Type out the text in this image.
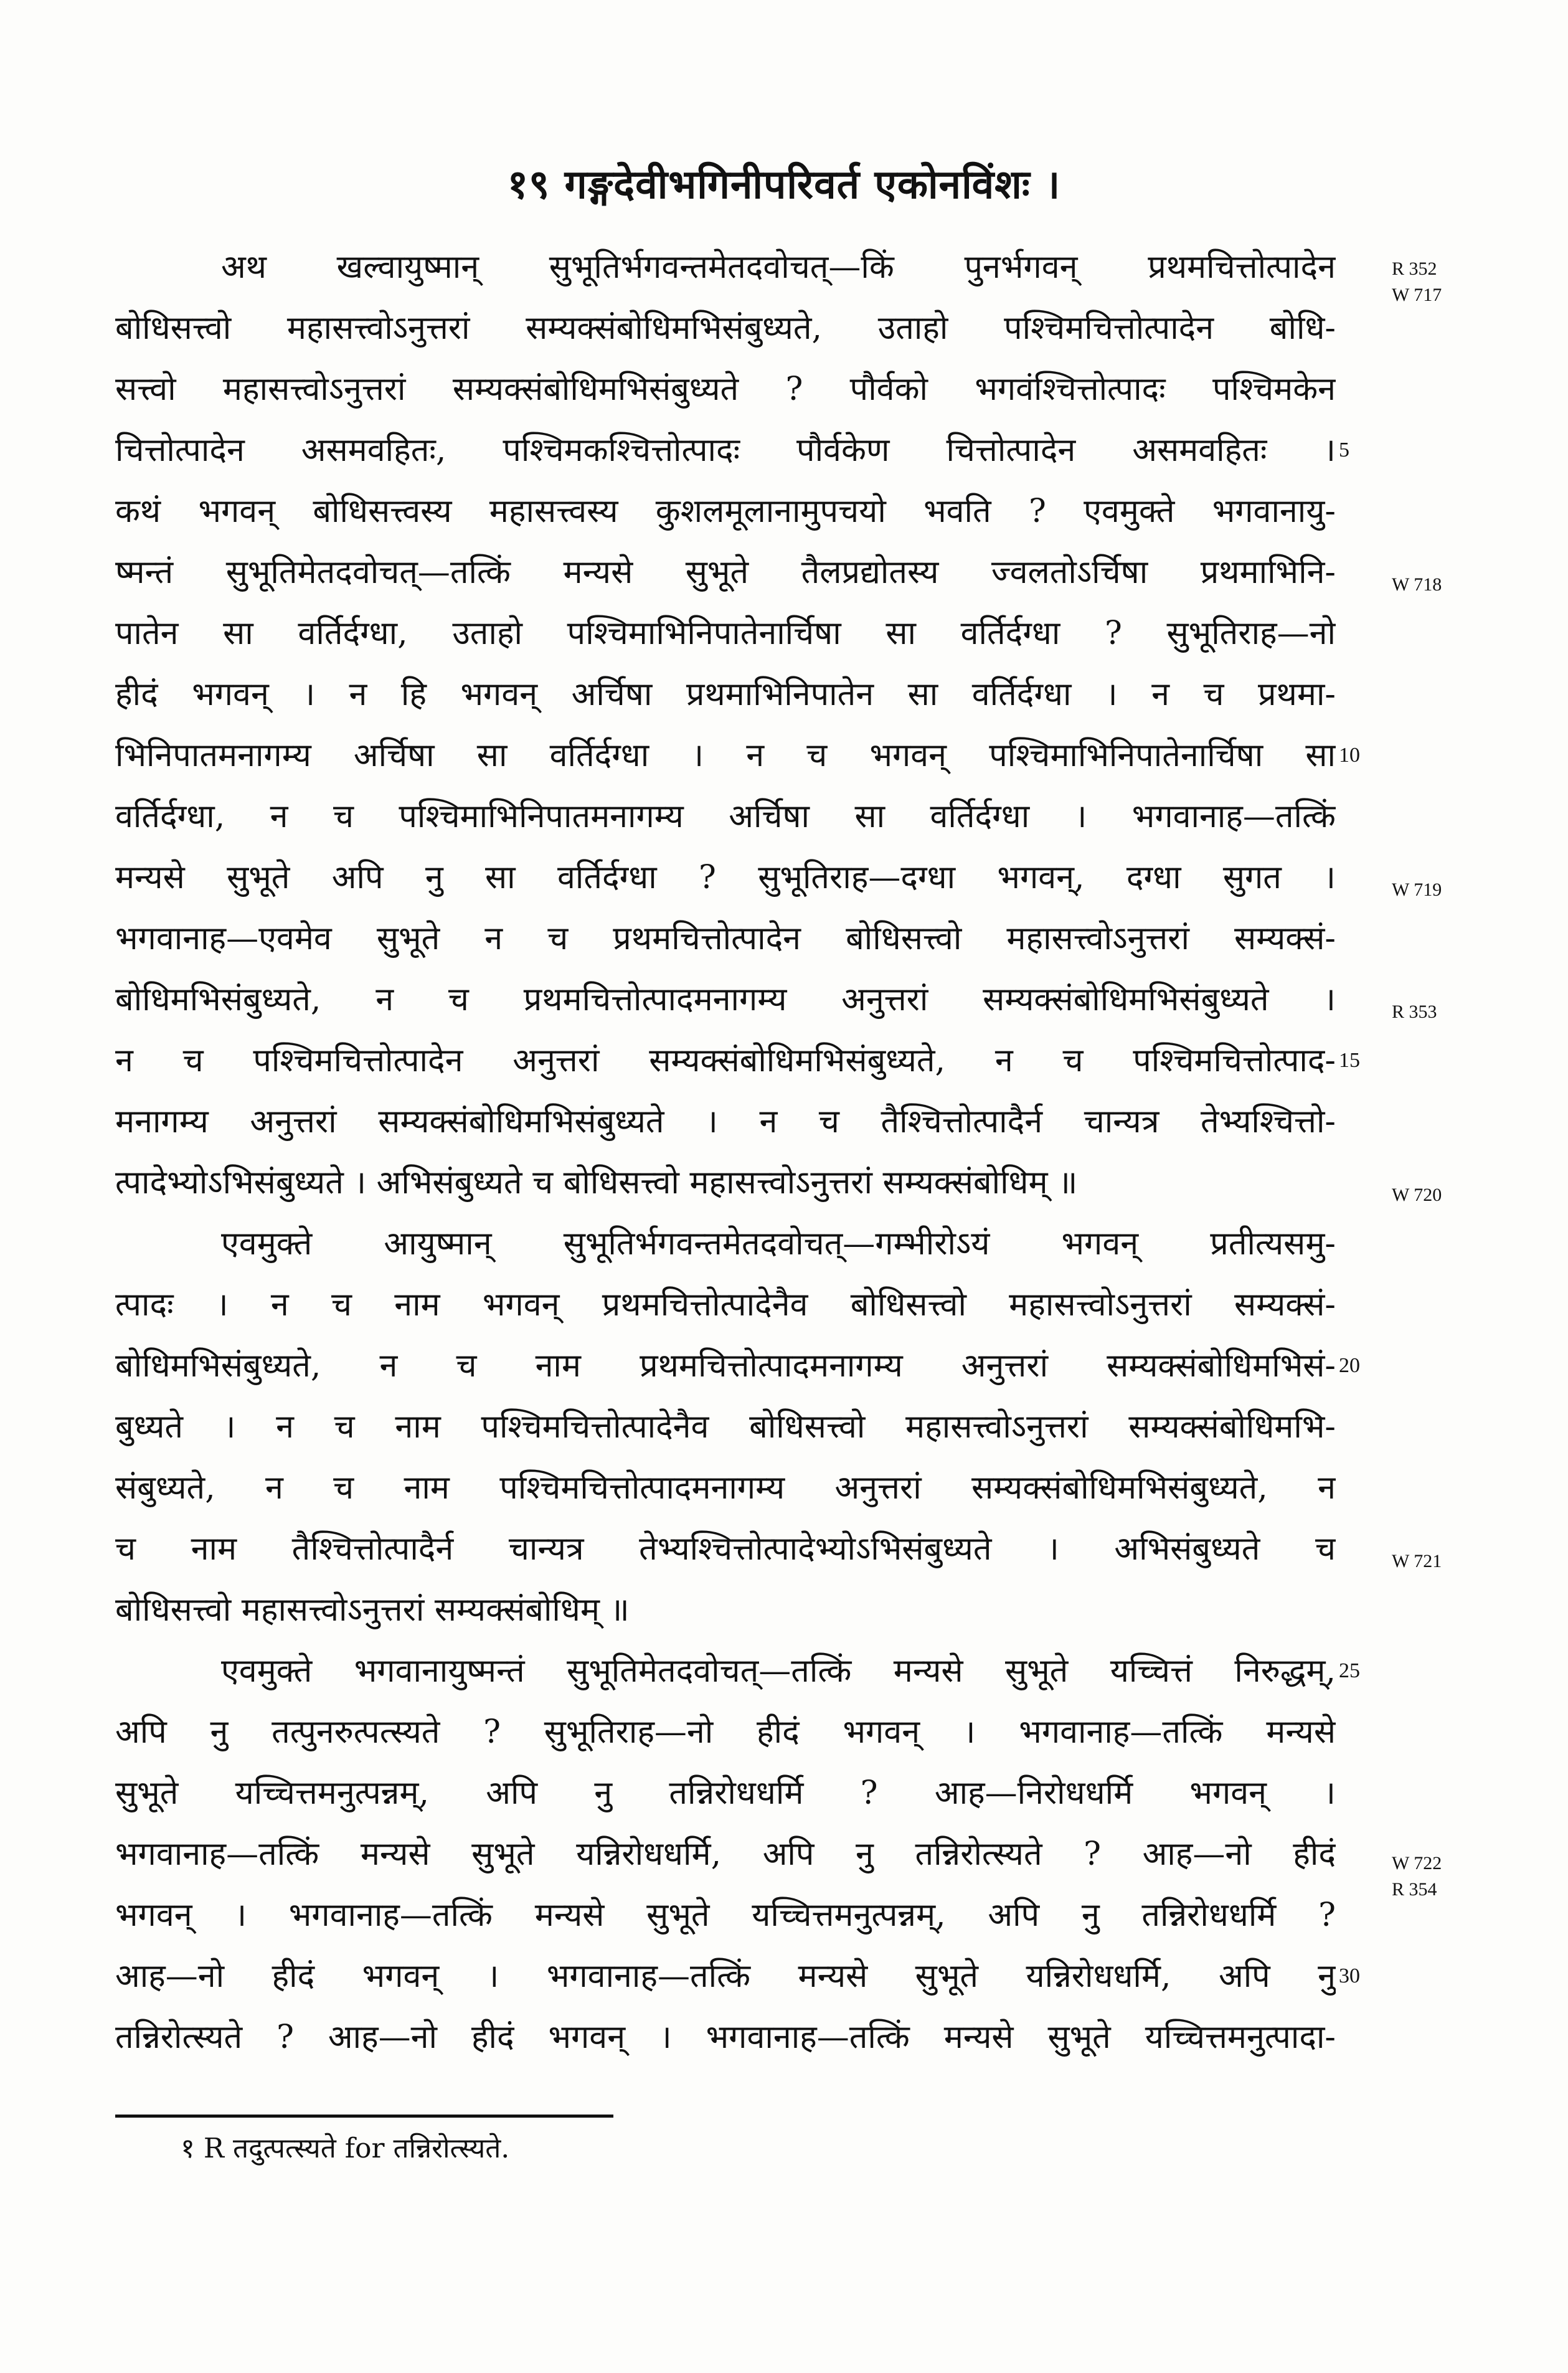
१९ गङ्गदेवीभगिनीपरिवर्त एकोनविंशः ।
अथ खल्वायुष्मान् सुभूतिर्भगवन्तमेतदवोचत्—किं पुनर्भगवन् प्रथमचित्तोत्पादेन
बोधिसत्त्वो महासत्त्वोऽनुत्तरां सम्यक्संबोधिमभिसंबुध्यते, उताहो पश्चिमचित्तोत्पादेन बोधि-
सत्त्वो महासत्त्वोऽनुत्तरां सम्यक्संबोधिमभिसंबुध्यते ? पौर्वको भगवंश्चित्तोत्पादः पश्चिमकेन
चित्तोत्पादेन असमवहितः, पश्चिमकश्चित्तोत्पादः पौर्वकेण चित्तोत्पादेन असमवहितः ।
कथं भगवन् बोधिसत्त्वस्य महासत्त्वस्य कुशलमूलानामुपचयो भवति ? एवमुक्ते भगवानायु-
ष्मन्तं सुभूतिमेतदवोचत्—तत्किं मन्यसे सुभूते तैलप्रद्योतस्य ज्वलतोऽर्चिषा प्रथमाभिनि-
पातेन सा वर्तिर्दग्धा, उताहो पश्चिमाभिनिपातेनार्चिषा सा वर्तिर्दग्धा ? सुभूतिराह—नो
हीदं भगवन् । न हि भगवन् अर्चिषा प्रथमाभिनिपातेन सा वर्तिर्दग्धा । न च प्रथमा-
भिनिपातमनागम्य अर्चिषा सा वर्तिर्दग्धा । न च भगवन् पश्चिमाभिनिपातेनार्चिषा सा
वर्तिर्दग्धा, न च पश्चिमाभिनिपातमनागम्य अर्चिषा सा वर्तिर्दग्धा । भगवानाह—तत्किं
मन्यसे सुभूते अपि नु सा वर्तिर्दग्धा ? सुभूतिराह—दग्धा भगवन्, दग्धा सुगत ।
भगवानाह—एवमेव सुभूते न च प्रथमचित्तोत्पादेन बोधिसत्त्वो महासत्त्वोऽनुत्तरां सम्यक्सं-
बोधिमभिसंबुध्यते, न च प्रथमचित्तोत्पादमनागम्य अनुत्तरां सम्यक्संबोधिमभिसंबुध्यते ।
न च पश्चिमचित्तोत्पादेन अनुत्तरां सम्यक्संबोधिमभिसंबुध्यते, न च पश्चिमचित्तोत्पाद-
मनागम्य अनुत्तरां सम्यक्संबोधिमभिसंबुध्यते । न च तैश्चित्तोत्पादैर्न चान्यत्र तेभ्यश्चित्तो-
त्पादेभ्योऽभिसंबुध्यते । अभिसंबुध्यते च बोधिसत्त्वो महासत्त्वोऽनुत्तरां सम्यक्संबोधिम् ॥
एवमुक्ते आयुष्मान् सुभूतिर्भगवन्तमेतदवोचत्—गम्भीरोऽयं भगवन् प्रतीत्यसमु-
त्पादः । न च नाम भगवन् प्रथमचित्तोत्पादेनैव बोधिसत्त्वो महासत्त्वोऽनुत्तरां सम्यक्सं-
बोधिमभिसंबुध्यते, न च नाम प्रथमचित्तोत्पादमनागम्य अनुत्तरां सम्यक्संबोधिमभिसं-
बुध्यते । न च नाम पश्चिमचित्तोत्पादेनैव बोधिसत्त्वो महासत्त्वोऽनुत्तरां सम्यक्संबोधिमभि-
संबुध्यते, न च नाम पश्चिमचित्तोत्पादमनागम्य अनुत्तरां सम्यक्संबोधिमभिसंबुध्यते, न
च नाम तैश्चित्तोत्पादैर्न चान्यत्र तेभ्यश्चित्तोत्पादेभ्योऽभिसंबुध्यते । अभिसंबुध्यते च
बोधिसत्त्वो महासत्त्वोऽनुत्तरां सम्यक्संबोधिम् ॥
एवमुक्ते भगवानायुष्मन्तं सुभूतिमेतदवोचत्—तत्किं मन्यसे सुभूते यच्चित्तं निरुद्धम्,
अपि नु तत्पुनरुत्पत्स्यते ? सुभूतिराह—नो हीदं भगवन् । भगवानाह—तत्किं मन्यसे
सुभूते यच्चित्तमनुत्पन्नम्, अपि नु तन्निरोधधर्मि ? आह—निरोधधर्मि भगवन् ।
भगवानाह—तत्किं मन्यसे सुभूते यन्निरोधधर्मि, अपि नु तन्निरोत्स्यते ? आह—नो हीदं
भगवन् । भगवानाह—तत्किं मन्यसे सुभूते यच्चित्तमनुत्पन्नम्, अपि नु तन्निरोधधर्मि ?
आह—नो हीदं भगवन् । भगवानाह—तत्किं मन्यसे सुभूते यन्निरोधधर्मि, अपि नु
तन्निरोत्स्यते ? आह—नो हीदं भगवन् । भगवानाह—तत्किं मन्यसे सुभूते यच्चित्तमनुत्पादा-
5
10
15
20
25
30
R 352
W 717
W 718
W 719
R 353
W 720
W 721
W 722
R 354
१ R तदुत्पत्स्यते for तन्निरोत्स्यते.
